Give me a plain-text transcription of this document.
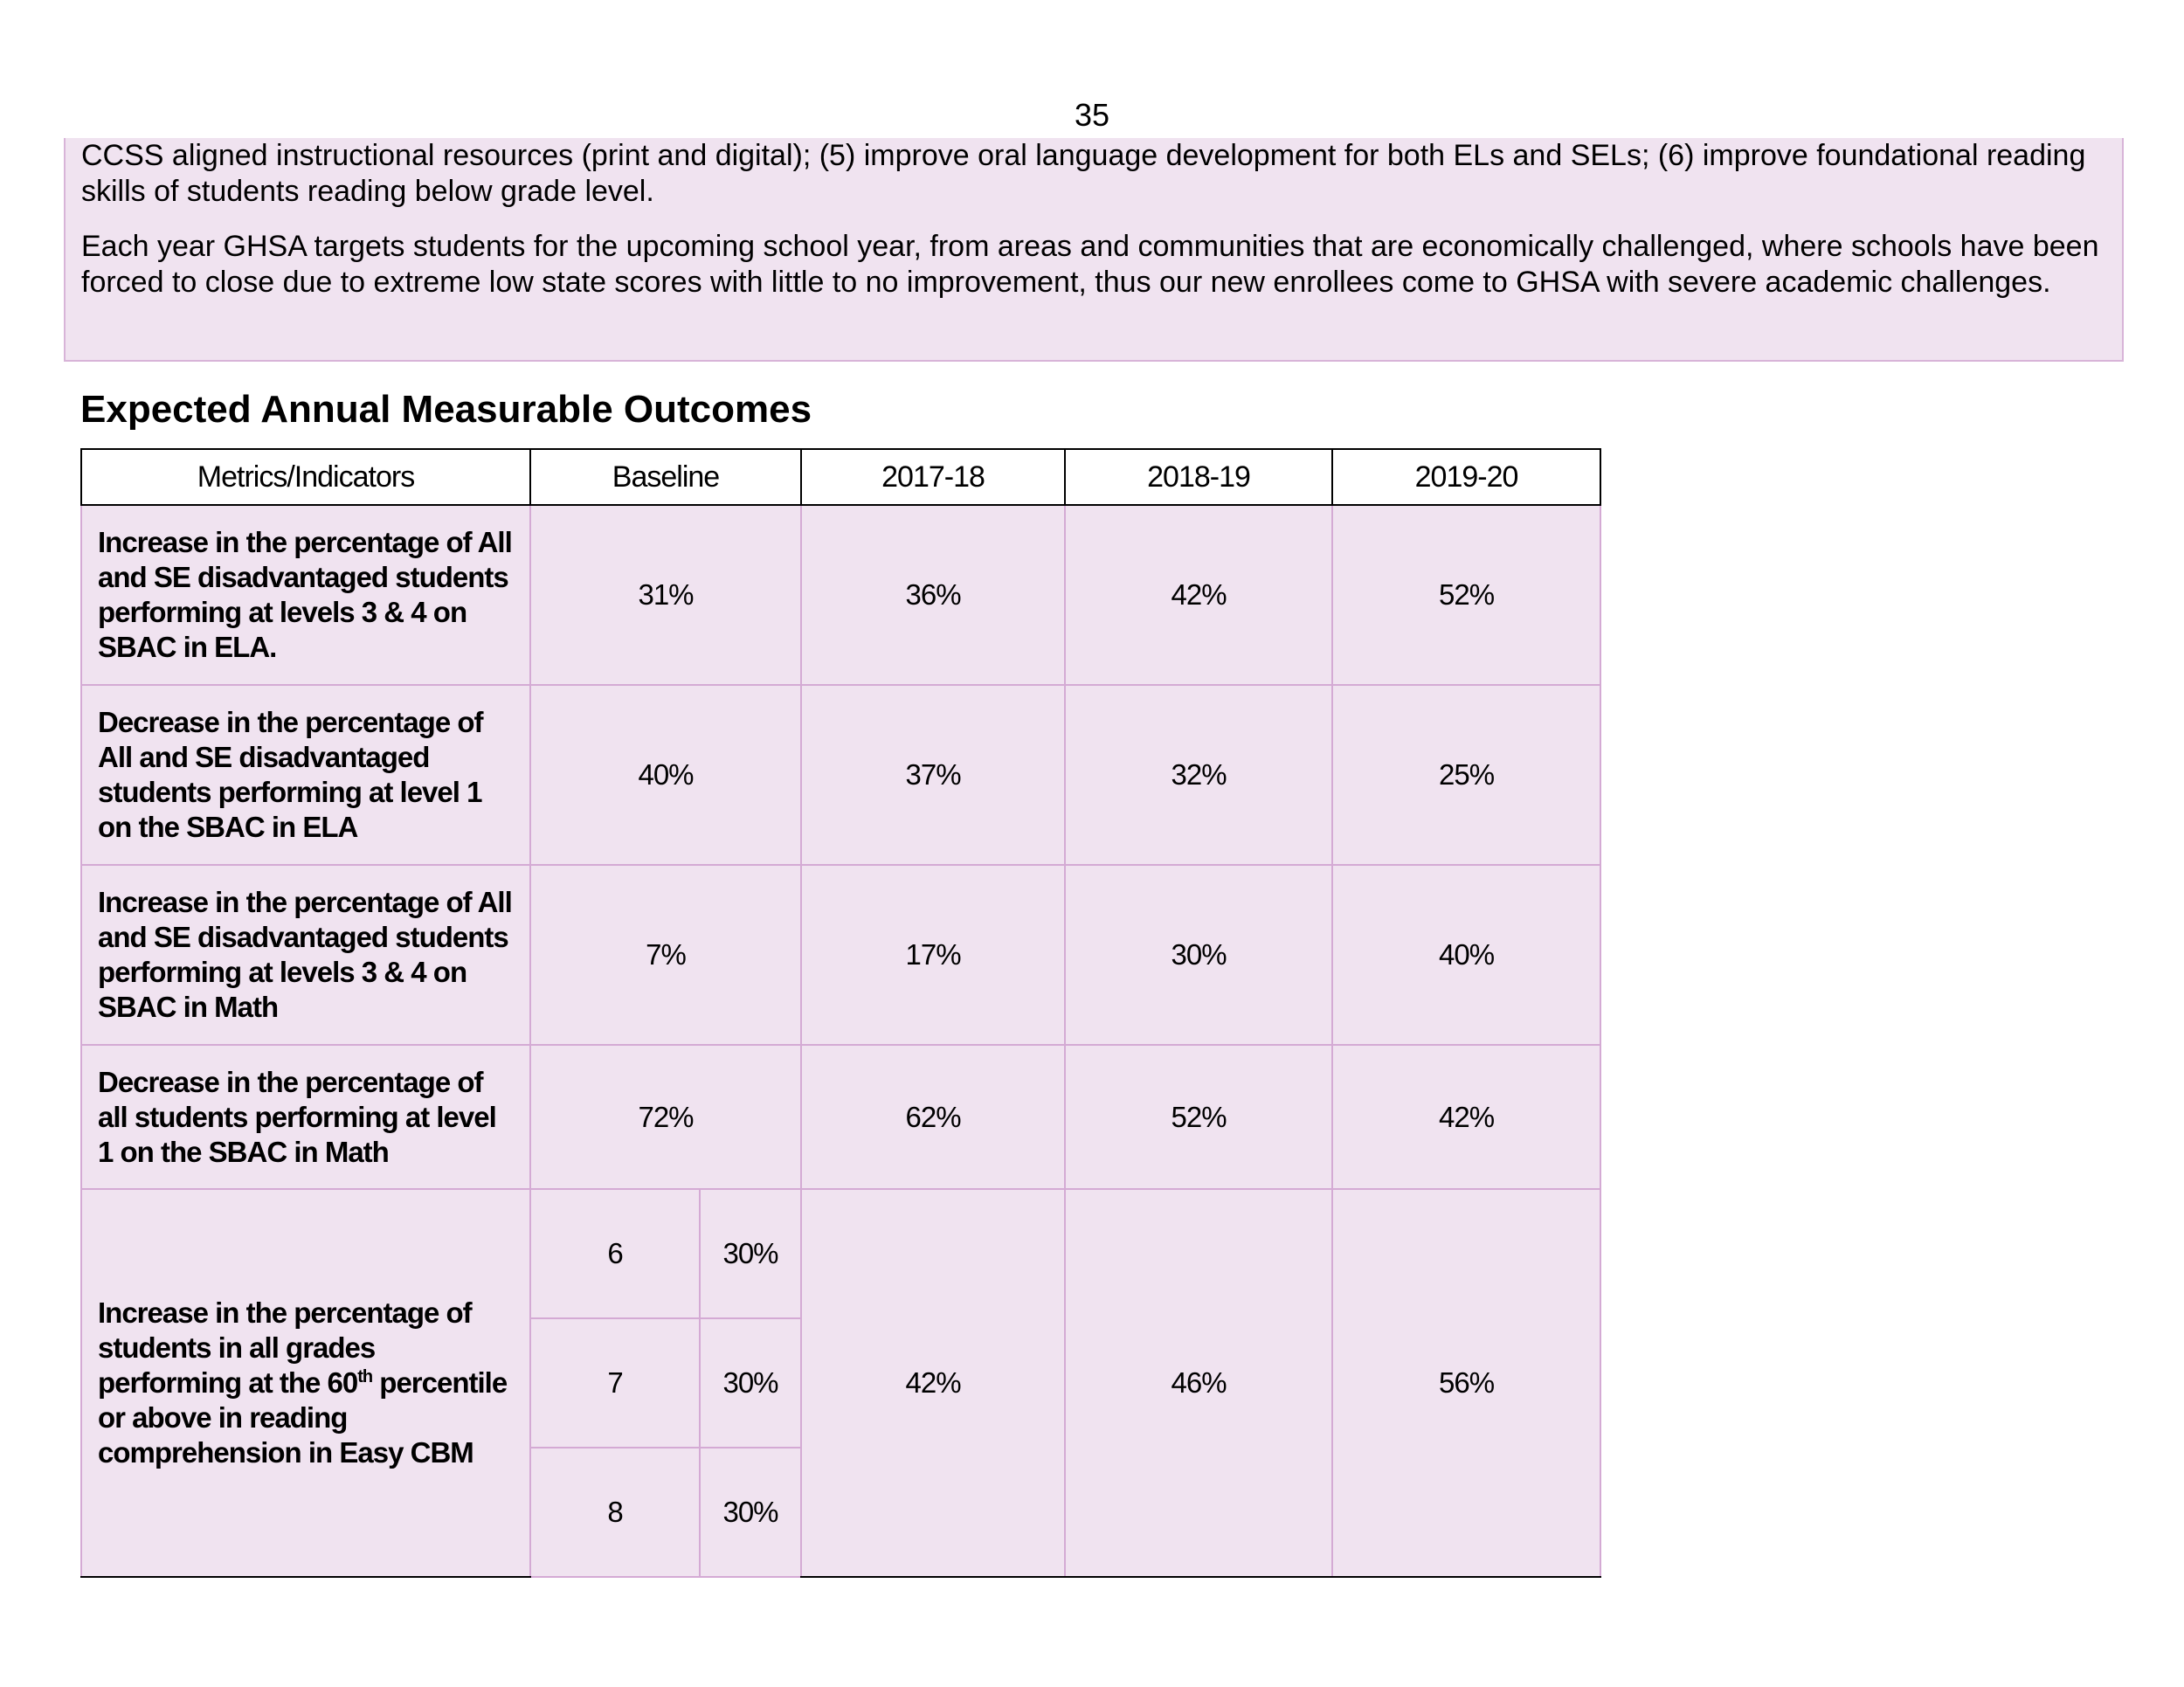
35

CCSS aligned instructional resources (print and digital); (5) improve oral language development for both ELs and SELs; (6) improve foundational reading skills of students reading below grade level.

Each year GHSA targets students for the upcoming school year, from areas and communities that are economically challenged, where schools have been forced to close due to extreme low state scores with little to no improvement, thus our new enrollees come to GHSA with severe academic challenges.

Expected Annual Measurable Outcomes
Metrics/Indicators	Baseline		2017-18	2018-19	2019-20
Increase in the percentage of All and SE disadvantaged students performing at levels 3 & 4 on SBAC in ELA.	31%		36%	42%	52%
Decrease in the percentage of All and SE disadvantaged students performing at level 1 on the SBAC in ELA	40%		37%	32%	25%
Increase in the percentage of All and SE disadvantaged students performing at levels 3 & 4 on SBAC in Math	7%		17%	30%	40%
Decrease in the percentage of all students performing at level 1 on the SBAC in Math	72%		62%	52%	42%
Increase in the percentage of students in all grades performing at the 60th percentile or above in reading comprehension in Easy CBM	6	30%	42%	46%	56%
	7	30%			
	8	30%			
